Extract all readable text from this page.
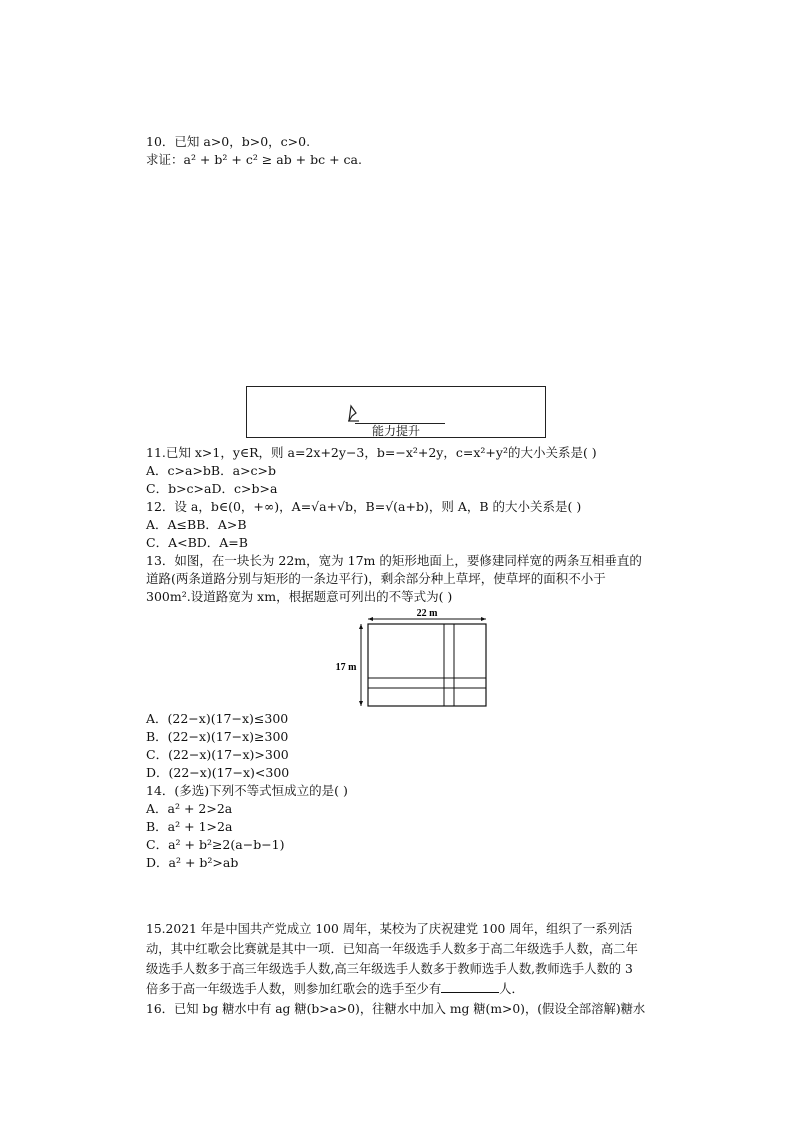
10．已知 a>0，b>0，c>0.
求证：a² + b² + c² ≥ ab + bc + ca.
能力提升
11.已知 x>1，y∈R，则 a=2x+2y−3，b=−x²+2y，c=x²+y²的大小关系是( )
A．c>a>bB．a>c>b
C．b>c>aD．c>b>a
12．设 a，b∈(0，+∞)，A=√a+√b，B=√(a+b)，则 A，B 的大小关系是( )
A．A≤BB．A>B
C．A<BD．A=B
13．如图，在一块长为 22m，宽为 17m 的矩形地面上，要修建同样宽的两条互相垂直的
道路(两条道路分别与矩形的一条边平行)，剩余部分种上草坪，使草坪的面积不小于
300m².设道路宽为 xm，根据题意可列出的不等式为( )
22 m
17 m
A．(22−x)(17−x)≤300
B．(22−x)(17−x)≥300
C．(22−x)(17−x)>300
D．(22−x)(17−x)<300
14．(多选)下列不等式恒成立的是( )
A．a² + 2>2a
B．a² + 1>2a
C．a² + b²≥2(a−b−1)
D．a² + b²>ab
15.2021 年是中国共产党成立 100 周年，某校为了庆祝建党 100 周年，组织了一系列活
动，其中红歌会比赛就是其中一项．已知高一年级选手人数多于高二年级选手人数，高二年
级选手人数多于高三年级选手人数,高三年级选手人数多于教师选手人数,教师选手人数的 3
倍多于高一年级选手人数，则参加红歌会的选手至少有	人．
16．已知 bg 糖水中有 ag 糖(b>a>0)，往糖水中加入 mg 糖(m>0)，(假设全部溶解)糖水
